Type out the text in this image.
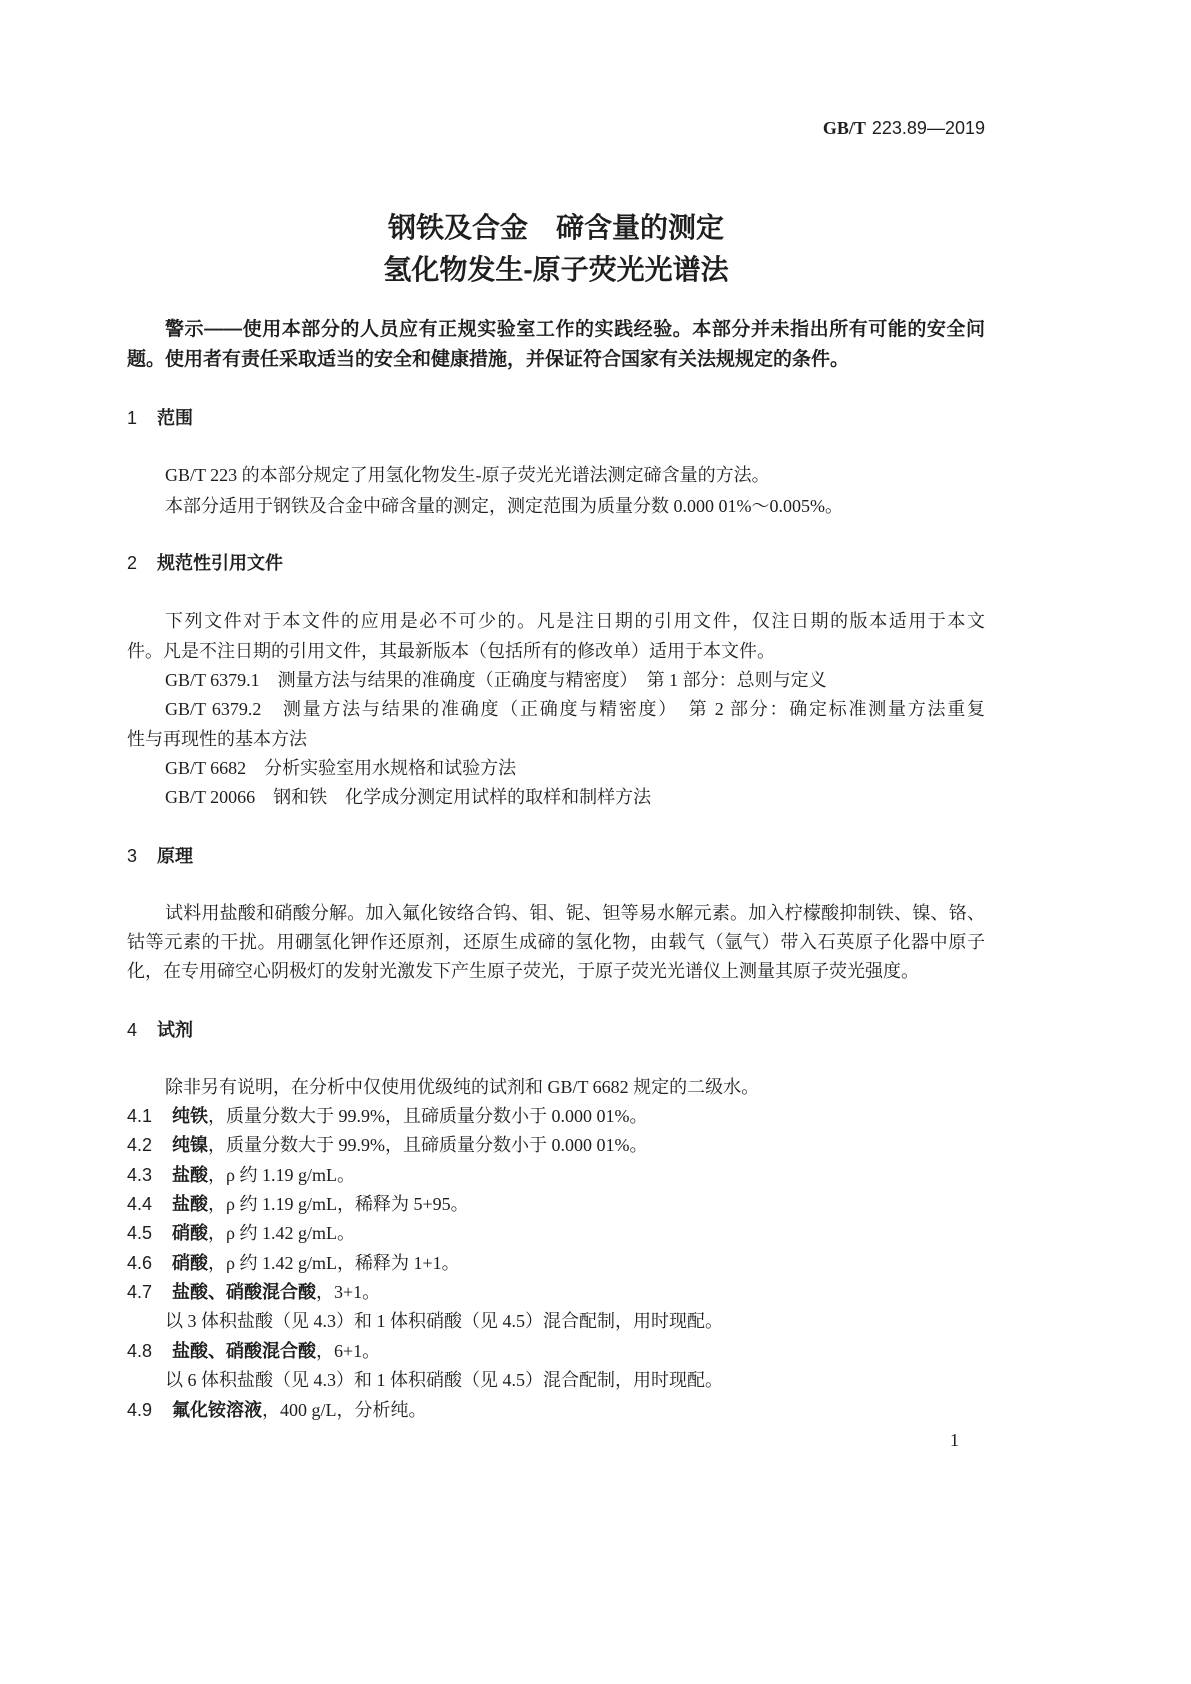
GB/T 223.89—2019
钢铁及合金　碲含量的测定
氢化物发生-原子荧光光谱法
警示——使用本部分的人员应有正规实验室工作的实践经验。本部分并未指出所有可能的安全问
题。使用者有责任采取适当的安全和健康措施，并保证符合国家有关法规规定的条件。
1 范围
GB/T 223 的本部分规定了用氢化物发生-原子荧光光谱法测定碲含量的方法。
本部分适用于钢铁及合金中碲含量的测定，测定范围为质量分数 0.000 01%～0.005%。
2 规范性引用文件
下列文件对于本文件的应用是必不可少的。凡是注日期的引用文件，仅注日期的版本适用于本文
件。凡是不注日期的引用文件，其最新版本（包括所有的修改单）适用于本文件。
GB/T 6379.1　测量方法与结果的准确度（正确度与精密度）　第 1 部分：总则与定义
GB/T 6379.2　测量方法与结果的准确度（正确度与精密度）　第 2 部分：确定标准测量方法重复
性与再现性的基本方法
GB/T 6682　分析实验室用水规格和试验方法
GB/T 20066　钢和铁　化学成分测定用试样的取样和制样方法
3 原理
试料用盐酸和硝酸分解。加入氟化铵络合钨、钼、铌、钽等易水解元素。加入柠檬酸抑制铁、镍、铬、
钴等元素的干扰。用硼氢化钾作还原剂，还原生成碲的氢化物，由载气（氩气）带入石英原子化器中原子
化，在专用碲空心阴极灯的发射光激发下产生原子荧光，于原子荧光光谱仪上测量其原子荧光强度。
4 试剂
除非另有说明，在分析中仅使用优级纯的试剂和 GB/T 6682 规定的二级水。
4.1 纯铁，质量分数大于 99.9%，且碲质量分数小于 0.000 01%。
4.2 纯镍，质量分数大于 99.9%，且碲质量分数小于 0.000 01%。
4.3 盐酸，ρ 约 1.19 g/mL。
4.4 盐酸，ρ 约 1.19 g/mL，稀释为 5+95。
4.5 硝酸，ρ 约 1.42 g/mL。
4.6 硝酸，ρ 约 1.42 g/mL，稀释为 1+1。
4.7 盐酸、硝酸混合酸，3+1。
以 3 体积盐酸（见 4.3）和 1 体积硝酸（见 4.5）混合配制，用时现配。
4.8 盐酸、硝酸混合酸，6+1。
以 6 体积盐酸（见 4.3）和 1 体积硝酸（见 4.5）混合配制，用时现配。
4.9 氟化铵溶液，400 g/L，分析纯。
1
